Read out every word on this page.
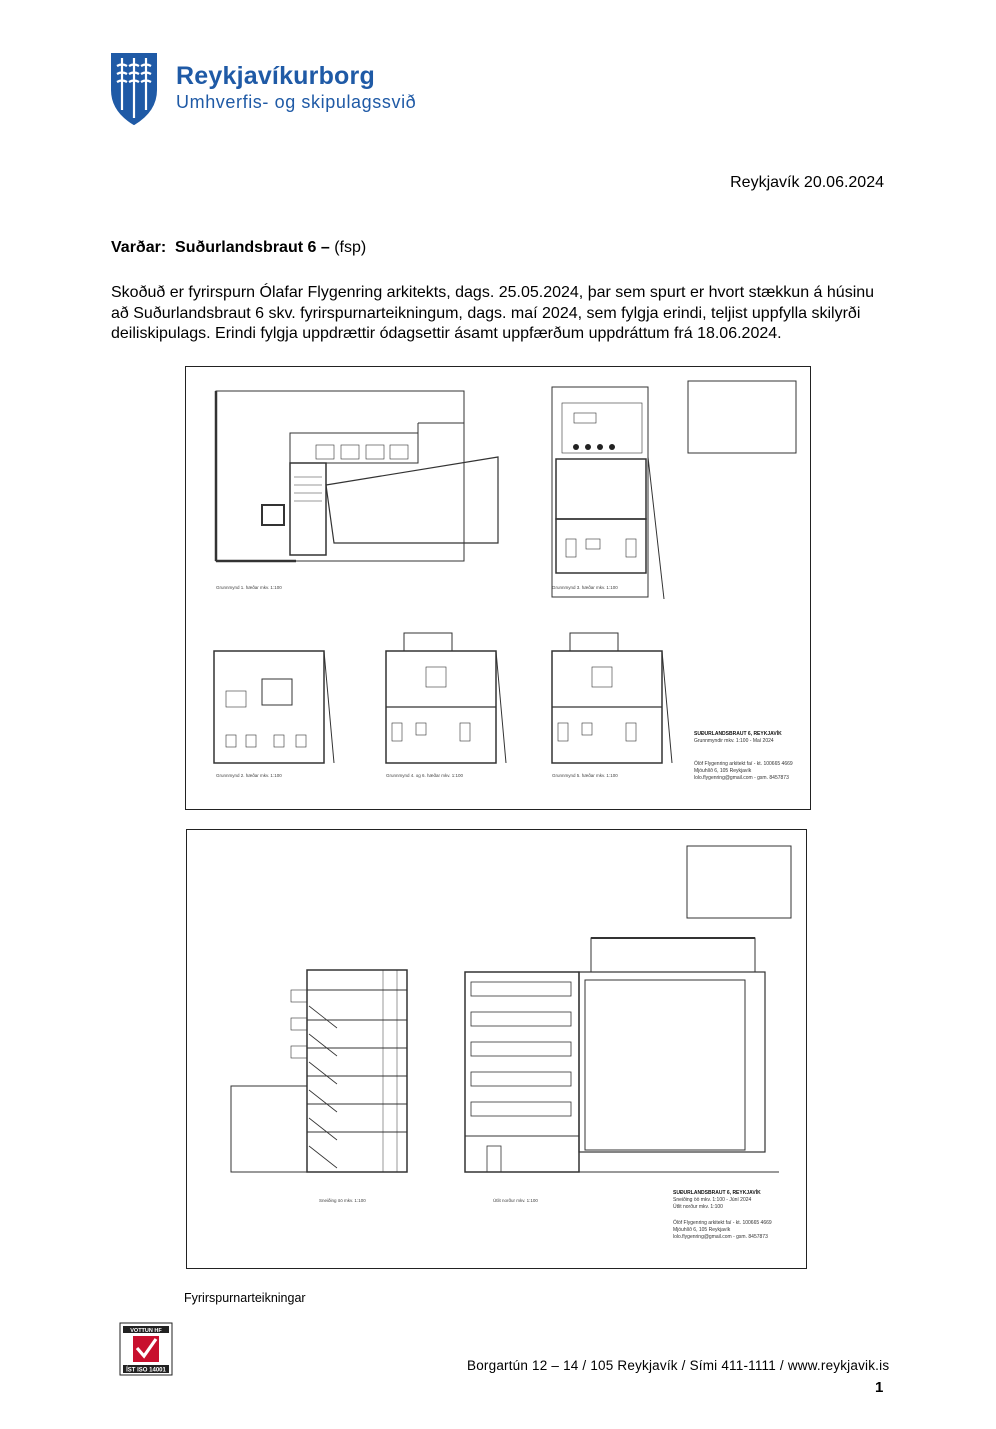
Reykjavíkurborg
Umhverfis- og skipulagssvið
Reykjavík 20.06.2024
Varðar: Suðurlandsbraut 6 – (fsp)
Skoðuð er fyrirspurn Ólafar Flygenring arkitekts, dags. 25.05.2024, þar sem spurt er hvort stækkun á húsinu að Suðurlandsbraut 6 skv. fyrirspurnarteikningum, dags. maí 2024, sem fylgja erindi, teljist uppfylla skilyrði deiliskipulags. Erindi fylgja uppdrættir ódagsettir ásamt uppfærðum uppdráttum frá 18.06.2024.
Grunnmynd 1. hæðar mkv. 1:100	Grunnmynd 3. hæðar mkv. 1:100
Grunnmynd 2. hæðar mkv. 1:100	Grunnmynd 4. og 6. hæðar mkv. 1:100	Grunnmynd 5. hæðar mkv. 1:100
SUÐURLANDSBRAUT 6, REYKJAVÍK
Grunnmyndir mkv. 1:100 - Maí 2024
Ólöf Flygenring arkitekt faí - kt. 100665 4669
Mjóuhlíð 6, 105 Reykjavík
lolo.flygenring@gmail.com - gsm. 8457873
Sneiðing öö mkv. 1:100	Útlit norður mkv. 1:100
SUÐURLANDSBRAUT 6, REYKJAVÍK
Sneiðing öö mkv. 1:100 - Júní 2024
Útlit norður mkv. 1:100
Ólöf Flygenring arkitekt faí - kt. 100665 4669
Mjóuhlíð 6, 105 Reykjavík
lolo.flygenring@gmail.com - gsm. 8457873
Fyrirspurnarteikningar
VOTTUN HF
ÍST ISO 14001	Borgartún 12 – 14 / 105 Reykjavík / Sími 411-1111 / www.reykjavik.is
1
